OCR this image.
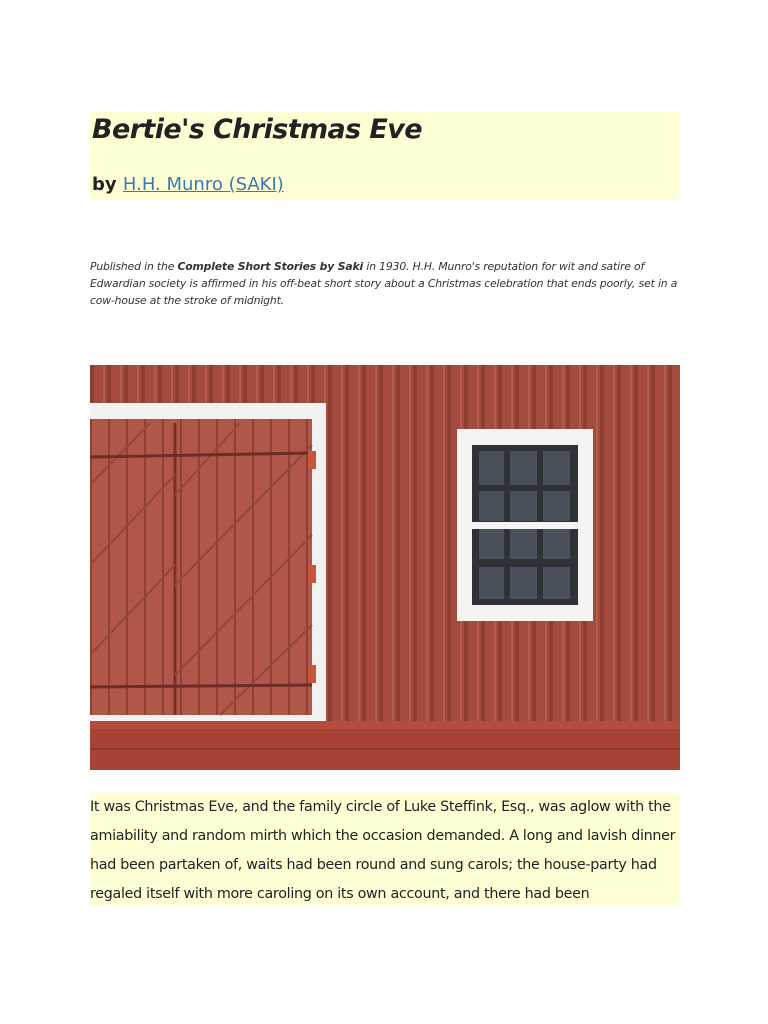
Bertie's Christmas Eve
by H.H. Munro (SAKI)
Published in the Complete Short Stories by Saki in 1930. H.H. Munro's reputation for wit and satire of Edwardian society is affirmed in his off-beat short story about a Christmas celebration that ends poorly, set in a cow-house at the stroke of midnight.
It was Christmas Eve, and the family circle of Luke Steffink, Esq., was aglow with the amiability and random mirth which the occasion demanded. A long and lavish dinner had been partaken of, waits had been round and sung carols; the house-party had regaled itself with more caroling on its own account, and there had been
